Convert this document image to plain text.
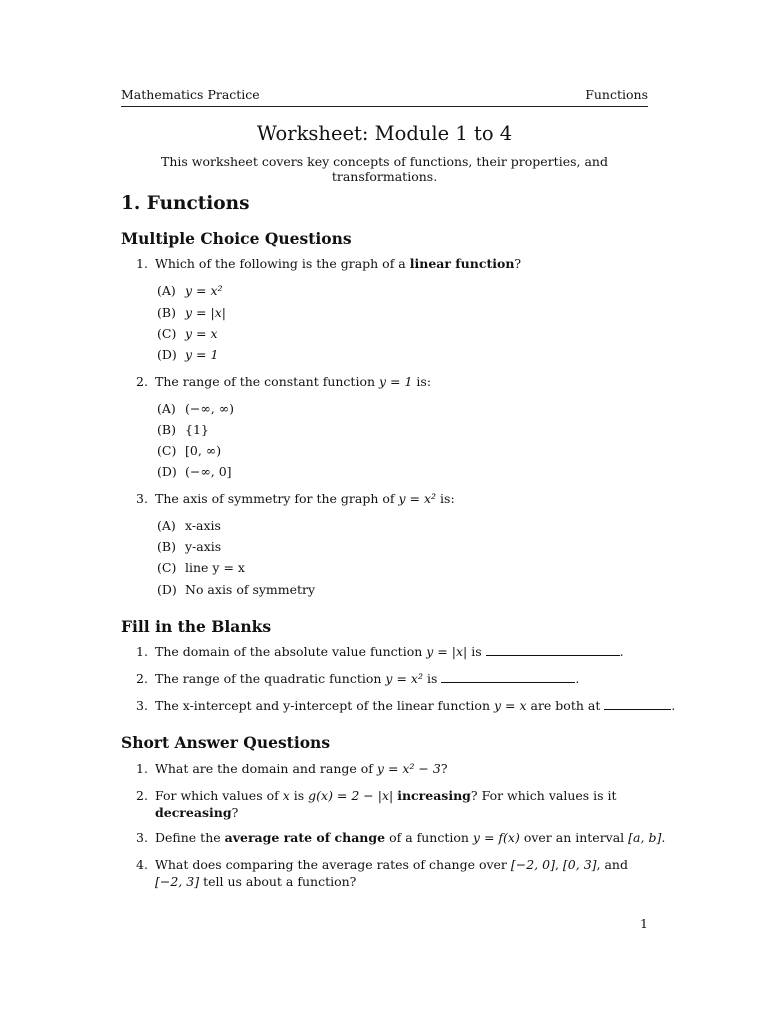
Mathematics Practice	Functions
Worksheet: Module 1 to 4
This worksheet covers key concepts of functions, their properties, and transformations.
1. Functions
Multiple Choice Questions
1. Which of the following is the graph of a linear function?
(A) y = x²
(B) y = |x|
(C) y = x
(D) y = 1
2. The range of the constant function y = 1 is:
(A) (−∞, ∞)
(B) {1}
(C) [0, ∞)
(D) (−∞, 0]
3. The axis of symmetry for the graph of y = x² is:
(A) x-axis
(B) y-axis
(C) line y = x
(D) No axis of symmetry
Fill in the Blanks
1. The domain of the absolute value function y = |x| is	.
2. The range of the quadratic function y = x² is	.
3. The x-intercept and y-intercept of the linear function y = x are both at	.
Short Answer Questions
1. What are the domain and range of y = x² − 3?
2. For which values of x is g(x) = 2 − |x| increasing? For which values is it decreasing?
3. Define the average rate of change of a function y = f(x) over an interval [a, b].
4. What does comparing the average rates of change over [−2, 0], [0, 3], and [−2, 3] tell us about a function?
1
